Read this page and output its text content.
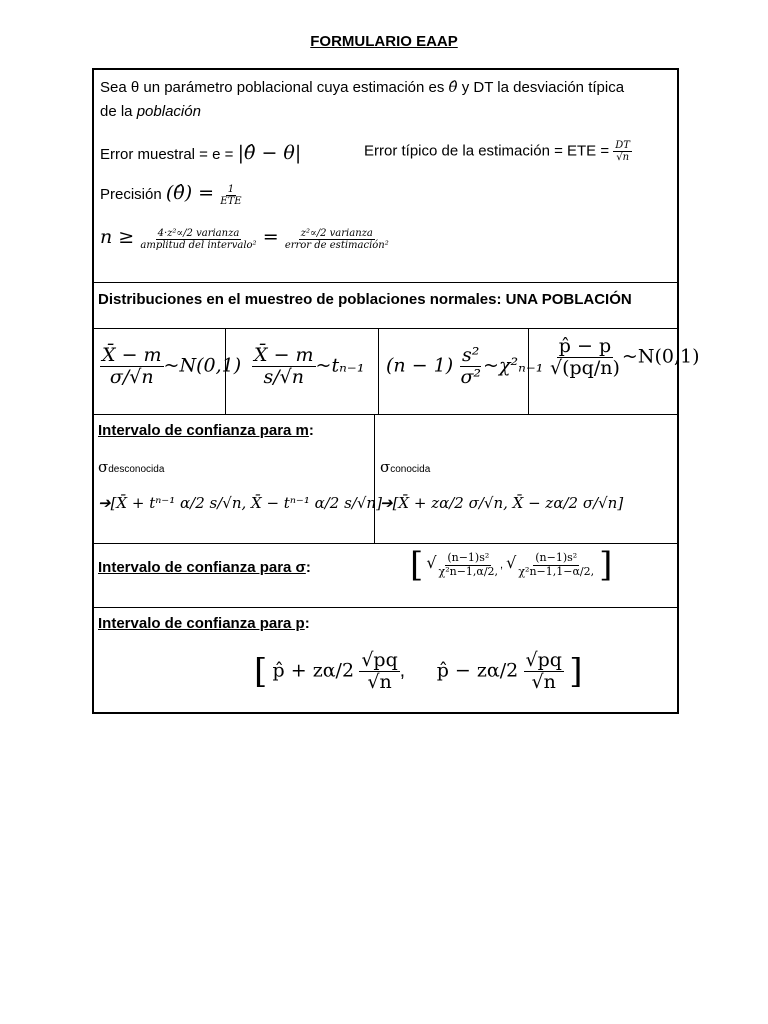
FORMULARIO EAAP
Sea θ un parámetro poblacional cuya estimación es θ̂ y DT la desviación típica
de la población
Error muestral = e = |θ̂ − θ|	Error típico de la estimación = ETE = $\frac{DT}{√n}$
Precisión (θ̂) = $\frac{1}{\text{ETE}}$
$n \ge \frac{\text{4·z²∝/2 varianza}}{\text{amplitud del intervalo²}} = \frac{\text{z²∝/2 varianza}}{\text{error de estimación²}}$
Distribuciones en el muestreo de poblaciones normales: UNA POBLACIÓN
$\frac{X̄ - m}{\sigma/√n}$ ~N(0,1) $\frac{X̄ - m}{s/√n}$ ~tₙ₋₁ $(n - 1) \frac{\text{s²}}{\text{σ²}}$ ~χ²ₙ₋₁ $\frac{p̂ - p}{√(pq/n)}$ ~N(0,1)
Intervalo de confianza para m:
σdesconocida
➔[X̄ + tⁿ⁻¹ α/2 s/√n, X̄ − tⁿ⁻¹ α/2 s/√n]
σconocida
➔[X̄ + zα/2 σ/√n, X̄ − zα/2 σ/√n]
Intervalo de confianza para σ:	[ √ $\frac{\text{(n−1)s²}}{\text{χ²n−1,α/2,}}$ , √ $\frac{\text{(n−1)s²}}{\text{χ²n−1,1−α/2,}}$ ]
Intervalo de confianza para p:
[ p̂ + $z\alpha/2 \frac{√pq}{√n}$ ,      p̂ − $z\alpha/2 \frac{√pq}{√n}$ ]
